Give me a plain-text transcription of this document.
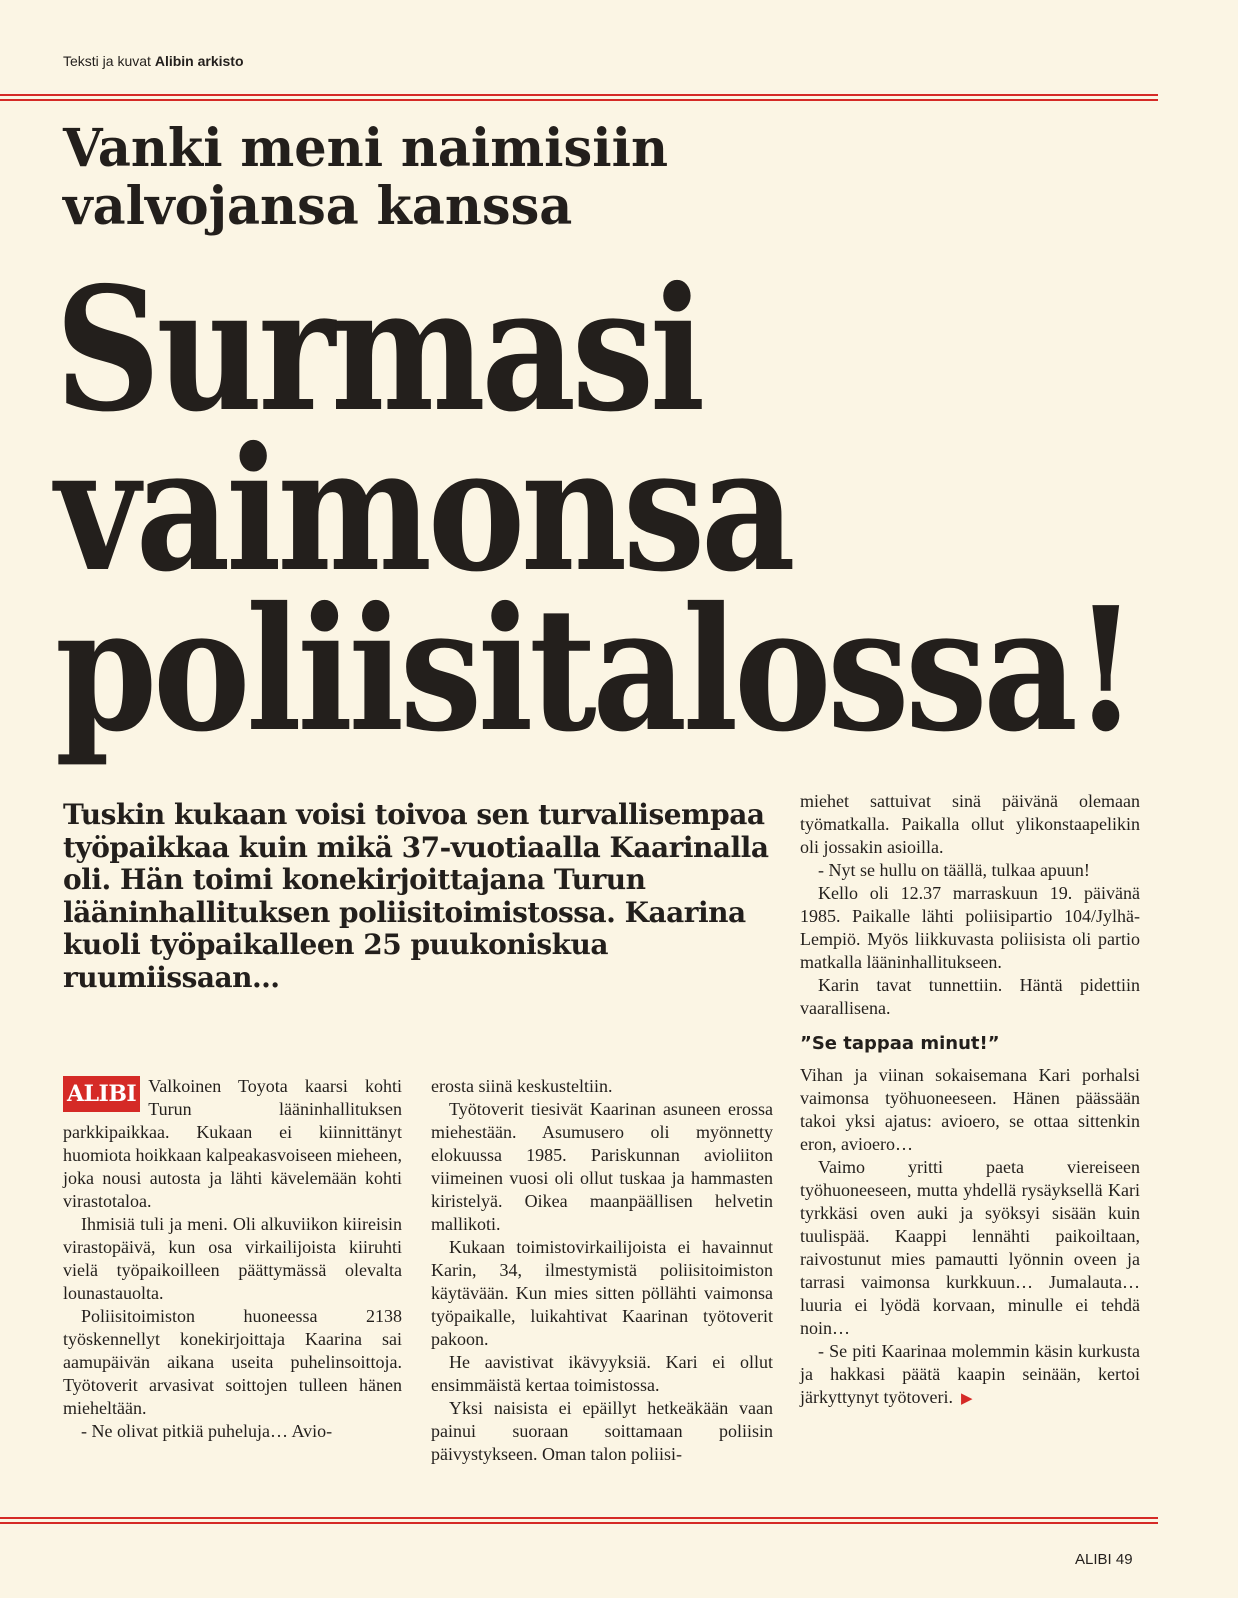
Teksti ja kuvat Alibin arkisto
Vanki meni naimisiin
valvojansa kanssa
Surmasi
vaimonsa
poliisitalossa!
Tuskin kukaan voisi toivoa sen turvallisempaa työpaikkaa kuin mikä 37-vuotiaalla Kaarinalla oli. Hän toimi konekirjoittajana Turun lääninhallituksen poliisitoimistossa. Kaarina kuoli työpaikalleen 25 puukoniskua ruumiissaan…
ALIBI Valkoinen Toyota kaarsi kohti Turun lääninhallituksen parkkipaikkaa. Kukaan ei kiinnittänyt huomiota hoikkaan kalpeakasvoiseen mieheen, joka nousi autosta ja lähti kävelemään kohti virastotaloa.

Ihmisiä tuli ja meni. Oli alkuviikon kiireisin virastopäivä, kun osa virkailijoista kiiruhti vielä työpaikoilleen päättymässä olevalta lounastauolta.

Poliisitoimiston huoneessa 2138 työskennellyt konekirjoittaja Kaarina sai aamupäivän aikana useita puhelinsoittoja. Työtoverit arvasivat soittojen tulleen hänen mieheltään.

- Ne olivat pitkiä puheluja… Avio-

erosta siinä keskusteltiin.

Työtoverit tiesivät Kaarinan asuneen erossa miehestään. Asumusero oli myönnetty elokuussa 1985. Pariskunnan avioliiton viimeinen vuosi oli ollut tuskaa ja hammasten kiristelyä. Oikea maanpäällisen helvetin mallikoti.

Kukaan toimistovirkailijoista ei havainnut Karin, 34, ilmestymistä poliisitoimiston käytävään. Kun mies sitten pöllähti vaimonsa työpaikalle, luikahtivat Kaarinan työtoverit pakoon.

He aavistivat ikävyyksiä. Kari ei ollut ensimmäistä kertaa toimistossa.

Yksi naisista ei epäillyt hetkeäkään vaan painui suoraan soittamaan poliisin päivystykseen. Oman talon poliisi-

miehet sattuivat sinä päivänä olemaan työmatkalla. Paikalla ollut ylikonstaapelikin oli jossakin asioilla.

- Nyt se hullu on täällä, tulkaa apuun!

Kello oli 12.37 marraskuun 19. päivänä 1985. Paikalle lähti poliisipartio 104/Jylhä-Lempiö. Myös liikkuvasta poliisista oli partio matkalla lääninhallitukseen.

Karin tavat tunnettiin. Häntä pidettiin vaarallisena.

”Se tappaa minut!”

Vihan ja viinan sokaisemana Kari porhalsi vaimonsa työhuoneeseen. Hänen päässään takoi yksi ajatus: avioero, se ottaa sittenkin eron, avioero…

Vaimo yritti paeta viereiseen työhuoneeseen, mutta yhdellä rysäyksellä Kari tyrkkäsi oven auki ja syöksyi sisään kuin tuulispää. Kaappi lennähti paikoiltaan, raivostunut mies pamautti lyönnin oveen ja tarrasi vaimonsa kurkkuun… Jumalauta… luuria ei lyödä korvaan, minulle ei tehdä noin…

- Se piti Kaarinaa molemmin käsin kurkusta ja hakkasi päätä kaapin seinään, kertoi järkyttynyt työtoveri. ▶

ALIBI 49
